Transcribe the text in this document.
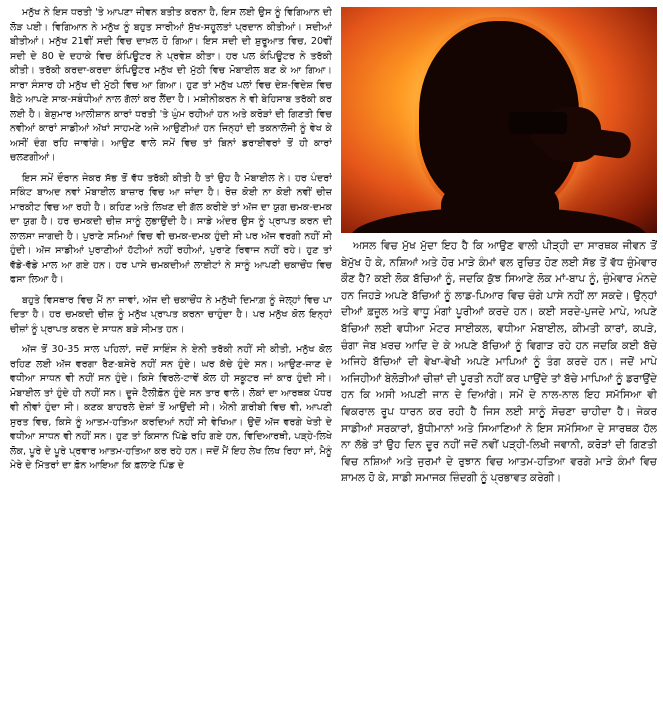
ਮਨੁੱਖ ਨੇ ਇਸ ਧਰਤੀ 'ਤੇ ਆਪਣਾ ਜੀਵਨ ਬਤੀਤ ਕਰਨਾ ਹੈ, ਇਸ ਲਈ ਉਸ ਨੂੰ ਵਿਗਿਆਨ ਦੀ ਲੋੜ ਪਈ। ਵਿਗਿਆਨ ਨੇ ਮਨੁੱਖ ਨੂੰ ਬਹੁਤ ਸਾਰੀਆਂ ਸੁੱਖ-ਸਹੂਲਤਾਂ ਪ੍ਰਦਾਨ ਕੀਤੀਆਂ। ਸਦੀਆਂ ਬੀਤੀਆਂ। ਮਨੁੱਖ 21ਵੀਂ ਸਦੀ ਵਿਚ ਦਾਖ਼ਲ ਹੋ ਗਿਆ। ਇਸ ਸਦੀ ਦੀ ਸ਼ੁਰੂਆਤ ਵਿਚ, 20ਵੀਂ ਸਦੀ ਦੇ 80 ਦੇ ਦਹਾਕੇ ਵਿਚ ਕੰਪਿਊਟਰ ਨੇ ਪ੍ਰਵੇਸ਼ ਕੀਤਾ। ਹਰ ਪਲ ਕੰਪਿਊਟਰ ਨੇ ਤਰੱਕੀ ਕੀਤੀ। ਤਰੱਕੀ ਕਰਦਾ-ਕਰਦਾ ਕੰਪਿਊਟਰ ਮਨੁੱਖ ਦੀ ਮੁੱਠੀ ਵਿਚ ਮੋਬਾਈਲ ਬਣ ਕੇ ਆ ਗਿਆ। ਸਾਰਾ ਸੰਸਾਰ ਹੀ ਮਨੁੱਖ ਦੀ ਮੁੱਠੀ ਵਿਚ ਆ ਗਿਆ। ਹੁਣ ਤਾਂ ਮਨੁੱਖ ਪਲਾਂ ਵਿਚ ਦੇਸ਼-ਵਿਦੇਸ਼ ਵਿਚ ਬੈਠੇ ਆਪਣੇ ਸਾਕ-ਸਬੰਧੀਆਂ ਨਾਲ ਗੱਲਾਂ ਕਰ ਲੈਂਦਾ ਹੈ। ਮਸ਼ੀਨੀਕਰਨ ਨੇ ਵੀ ਬੇਹਿਸਾਬ ਤਰੱਕੀ ਕਰ ਲਈ ਹੈ। ਬੇਸ਼ੁਮਾਰ ਆਲੀਸ਼ਾਨ ਕਾਰਾਂ ਧਰਤੀ 'ਤੇ ਘੁੰਮ ਰਹੀਆਂ ਹਨ ਅਤੇ ਕਰੋੜਾਂ ਦੀ ਗਿਣਤੀ ਵਿਚ ਨਵੀਆਂ ਕਾਰਾਂ ਸਾਡੀਆਂ ਅੱਖਾਂ ਸਾਹਮਣੇ ਅਜੇ ਆਉਣੀਆਂ ਹਨ ਜਿਨ੍ਹਾਂ ਦੀ ਤਕਨਾਲੋਜੀ ਨੂੰ ਵੇਖ ਕੇ ਅਸੀਂ ਦੰਗ ਰਹਿ ਜਾਵਾਂਗੇ। ਆਉਣ ਵਾਲੇ ਸਮੇਂ ਵਿਚ ਤਾਂ ਬਿਨਾਂ ਡਰਾਈਵਰਾਂ ਤੋਂ ਹੀ ਕਾਰਾਂ ਚਲਣਗੀਆਂ।

ਇਸ ਸਮੇਂ ਦੌਰਾਨ ਜੇਕਰ ਸੱਭ ਤੋਂ ਵੱਧ ਤਰੱਕੀ ਕੀਤੀ ਹੈ ਤਾਂ ਉਹ ਹੈ ਮੋਬਾਈਲ ਨੇ। ਹਰ ਪੰਦਰਾਂ ਸਕਿੰਟ ਬਾਅਦ ਨਵਾਂ ਮੋਬਾਈਲ ਬਾਜ਼ਾਰ ਵਿਚ ਆ ਜਾਂਦਾ ਹੈ। ਰੋਜ਼ ਕੋਈ ਨਾ ਕੋਈ ਨਵੀਂ ਚੀਜ਼ ਮਾਰਕੀਟ ਵਿਚ ਆ ਰਹੀ ਹੈ। ਕਹਿਣ ਅਤੇ ਲਿਖਣ ਦੀ ਗੱਲ ਕਰੀਏ ਤਾਂ ਅੱਜ ਦਾ ਯੁਗ ਚਮਕ-ਦਮਕ ਦਾ ਯੁਗ ਹੈ। ਹਰ ਚਮਕਦੀ ਚੀਜ਼ ਸਾਨੂੰ ਲੁਭਾਉਂਦੀ ਹੈ। ਸਾਡੇ ਅੰਦਰ ਉਸ ਨੂੰ ਪ੍ਰਾਪਤ ਕਰਨ ਦੀ ਲਾਲਸਾ ਜਾਗਦੀ ਹੈ। ਪੁਰਾਣੇ ਸਮਿਆਂ ਵਿਚ ਵੀ ਚਮਕ-ਦਮਕ ਹੁੰਦੀ ਸੀ ਪਰ ਅੱਜ ਵਰਗੀ ਨਹੀਂ ਸੀ ਹੁੰਦੀ। ਅੱਜ ਸਾਡੀਆਂ ਪੁਰਾਣੀਆਂ ਹੱਟੀਆਂ ਨਹੀਂ ਰਹੀਆਂ, ਪੁਰਾਣੇ ਰਿਵਾਜ ਨਹੀਂ ਰਹੇ। ਹੁਣ ਤਾਂ ਵੱਡੇ-ਵੱਡੇ ਮਾਲ ਆ ਗਏ ਹਨ। ਹਰ ਪਾਸੇ ਚਮਕਦੀਆਂ ਲਾਈਟਾਂ ਨੇ ਸਾਨੂੰ ਆਪਣੀ ਚਕਾਚੌਂਧ ਵਿਚ ਫਸਾ ਲਿਆ ਹੈ।

ਬਹੁਤੇ ਵਿਸਥਾਰ ਵਿਚ ਮੈਂ ਨਾ ਜਾਵਾਂ, ਅੱਜ ਦੀ ਚਕਾਚੌਂਧ ਨੇ ਮਨੁੱਖੀ ਦਿਮਾਗ਼ ਨੂੰ ਜੇਲ੍ਹਾਂ ਵਿਚ ਪਾ ਦਿਤਾ ਹੈ। ਹਰ ਚਮਕਦੀ ਚੀਜ਼ ਨੂੰ ਮਨੁੱਖ ਪ੍ਰਾਪਤ ਕਰਨਾ ਚਾਹੁੰਦਾ ਹੈ। ਪਰ ਮਨੁੱਖ ਕੋਲ ਇਨ੍ਹਾਂ ਚੀਜ਼ਾਂ ਨੂੰ ਪ੍ਰਾਪਤ ਕਰਨ ਦੇ ਸਾਧਨ ਬੜੇ ਸੀਮਤ ਹਨ।

ਅੱਜ ਤੋਂ 30-35 ਸਾਲ ਪਹਿਲਾਂ, ਜਦੋਂ ਸਾਇੰਸ ਨੇ ਏਨੀ ਤਰੱਕੀ ਨਹੀਂ ਸੀ ਕੀਤੀ, ਮਨੁੱਖ ਕੋਲ ਰਹਿਣ ਲਈ ਅੱਜ ਵਰਗਾ ਰੈਣ-ਬਸੇਰੇ ਨਹੀਂ ਸਨ ਹੁੰਦੇ। ਘਰ ਕੱਚੇ ਹੁੰਦੇ ਸਨ। ਆਉਣ-ਜਾਣ ਦੇ ਵਧੀਆ ਸਾਧਨ ਵੀ ਨਹੀਂ ਸਨ ਹੁੰਦੇ। ਕਿਸੇ ਵਿਰਲੇ-ਟਾਵੇਂ ਕੋਲ ਹੀ ਸਕੂਟਰ ਜਾਂ ਕਾਰ ਹੁੰਦੀ ਸੀ। ਮੋਬਾਈਲ ਤਾਂ ਹੁੰਦੇ ਹੀ ਨਹੀਂ ਸਨ। ਦੂਜੇ ਟੈਲੀਫ਼ੋਨ ਹੁੰਦੇ ਸਨ ਤਾਰ ਵਾਲੇ। ਲੋਕਾਂ ਦਾ ਆਰਥਕ ਪੱਧਰ ਵੀ ਨੀਵਾਂ ਹੁੰਦਾ ਸੀ। ਕਣਕ ਬਾਹਰਲੇ ਦੇਸ਼ਾਂ ਤੋਂ ਆਉਂਦੀ ਸੀ। ਐਨੀ ਗ਼ਰੀਬੀ ਵਿਚ ਵੀ, ਆਪਣੀ ਸੁਰਤ ਵਿਚ, ਕਿਸੇ ਨੂੰ ਆਤਮ-ਹਤਿਆ ਕਰਦਿਆਂ ਨਹੀਂ ਸੀ ਵੇਖਿਆ। ਉਦੋਂ ਅੱਜ ਵਰਗੇ ਖੇਤੀ ਦੇ ਵਧੀਆ ਸਾਧਨ ਵੀ ਨਹੀਂ ਸਨ। ਹੁਣ ਤਾਂ ਕਿਸਾਨ ਪਿੱਛੇ ਰਹਿ ਗਏ ਹਨ, ਵਿਦਿਆਰਥੀ, ਪੜ੍ਹੇ-ਲਿਖੇ ਲੋਕ, ਪੂਰੇ ਦੇ ਪੂਰੇ ਪ੍ਰਵਾਰ ਆਤਮ-ਹਤਿਆ ਕਰ ਰਹੇ ਹਨ। ਜਦੋਂ ਮੈਂ ਇਹ ਲੇਖ ਲਿਖ ਰਿਹਾ ਸਾਂ, ਮੈਨੂੰ ਮੇਰੇ ਦੇ ਮਿੱਤਰਾਂ ਦਾ ਫ਼ੋਨ ਆਇਆ ਕਿ ਫ਼ਲਾਣੇ ਪਿੰਡ ਦੇ

ਅਸਲ ਵਿਚ ਮੁੱਖ ਮੁੱਦਾ ਇਹ ਹੈ ਕਿ ਆਉਣ ਵਾਲੀ ਪੀੜ੍ਹੀ ਦਾ ਸਾਰਥਕ ਜੀਵਨ ਤੋਂ ਬੇਮੁੱਖ ਹੋ ਕੇ, ਨਸ਼ਿਆਂ ਅਤੇ ਹੋਰ ਮਾੜੇ ਕੰਮਾਂ ਵਲ ਰੁਚਿਤ ਹੋਣ ਲਈ ਸੱਭ ਤੋਂ ਵੱਧ ਜ਼ੁੰਮੇਵਾਰ ਕੌਣ ਹੈ? ਕਈ ਲੋਕ ਬੱਚਿਆਂ ਨੂੰ, ਜਦਕਿ ਕੁੱਝ ਸਿਆਣੇ ਲੋਕ ਮਾਂ-ਬਾਪ ਨੂੰ, ਜ਼ੁੰਮੇਵਾਰ ਮੰਨਦੇ ਹਨ ਜਿਹੜੇ ਅਪਣੇ ਬੱਚਿਆਂ ਨੂੰ ਲਾਡ-ਪਿਆਰ ਵਿਚ ਚੰਗੇ ਪਾਸੇ ਨਹੀਂ ਲਾ ਸਕਦੇ। ਉਨ੍ਹਾਂ ਦੀਆਂ ਫ਼ਜ਼ੂਲ ਅਤੇ ਵਾਧੂ ਮੰਗਾਂ ਪੂਰੀਆਂ ਕਰਦੇ ਹਨ। ਕਈ ਸਰਦੇ-ਪੁਜਦੇ ਮਾਪੇ, ਅਪਣੇ ਬੱਚਿਆਂ ਲਈ ਵਧੀਆ ਮੋਟਰ ਸਾਈਕਲ, ਵਧੀਆ ਮੋਬਾਈਲ, ਕੀਮਤੀ ਕਾਰਾਂ, ਕਪੜੇ, ਚੰਗਾ ਜੇਬ ਖ਼ਰਚ ਆਦਿ ਦੇ ਕੇ ਅਪਣੇ ਬੱਚਿਆਂ ਨੂੰ ਵਿਗਾੜ ਰਹੇ ਹਨ ਜਦਕਿ ਕਈ ਬੱਚੇ ਅਜਿਹੇ ਬੱਚਿਆਂ ਦੀ ਵੇਖਾ-ਵੇਖੀ ਅਪਣੇ ਮਾਪਿਆਂ ਨੂੰ ਤੰਗ ਕਰਦੇ ਹਨ। ਜਦੋਂ ਮਾਪੇ ਅਜਿਹੀਆਂ ਬੇਲੋੜੀਆਂ ਚੀਜ਼ਾਂ ਦੀ ਪੂਰਤੀ ਨਹੀਂ ਕਰ ਪਾਉਂਦੇ ਤਾਂ ਬੱਚੇ ਮਾਪਿਆਂ ਨੂੰ ਡਰਾਉਂਦੇ ਹਨ ਕਿ ਅਸੀ ਅਪਣੀ ਜਾਨ ਦੇ ਦਿਆਂਗੇ। ਸਮੇਂ ਦੇ ਨਾਲ-ਨਾਲ ਇਹ ਸਮੱਸਿਆ ਵੀ ਵਿਕਰਾਲ ਰੂਪ ਧਾਰਨ ਕਰ ਰਹੀ ਹੈ ਜਿਸ ਲਈ ਸਾਨੂੰ ਸੋਚਣਾ ਚਾਹੀਦਾ ਹੈ। ਜੇਕਰ ਸਾਡੀਆਂ ਸਰਕਾਰਾਂ, ਬੁੱਧੀਮਾਨਾਂ ਅਤੇ ਸਿਆਣਿਆਂ ਨੇ ਇਸ ਸਮੱਸਿਆ ਦੇ ਸਾਰਥਕ ਹੱਲ ਨਾ ਲੱਭੇ ਤਾਂ ਉਹ ਦਿਨ ਦੂਰ ਨਹੀਂ ਜਦੋਂ ਨਵੀਂ ਪੜ੍ਹੀ-ਲਿਖੀ ਜਵਾਨੀ, ਕਰੋੜਾਂ ਦੀ ਗਿਣਤੀ ਵਿਚ ਨਸ਼ਿਆਂ ਅਤੇ ਜੁਰਮਾਂ ਦੇ ਰੁਝਾਨ ਵਿਚ ਆਤਮ-ਹਤਿਆ ਵਰਗੇ ਮਾੜੇ ਕੰਮਾਂ ਵਿਚ ਸ਼ਾਮਲ ਹੋ ਕੇ, ਸਾਡੀ ਸਮਾਜਕ ਜ਼ਿੰਦਗੀ ਨੂੰ ਪ੍ਰਭਾਵਤ ਕਰੇਗੀ।
